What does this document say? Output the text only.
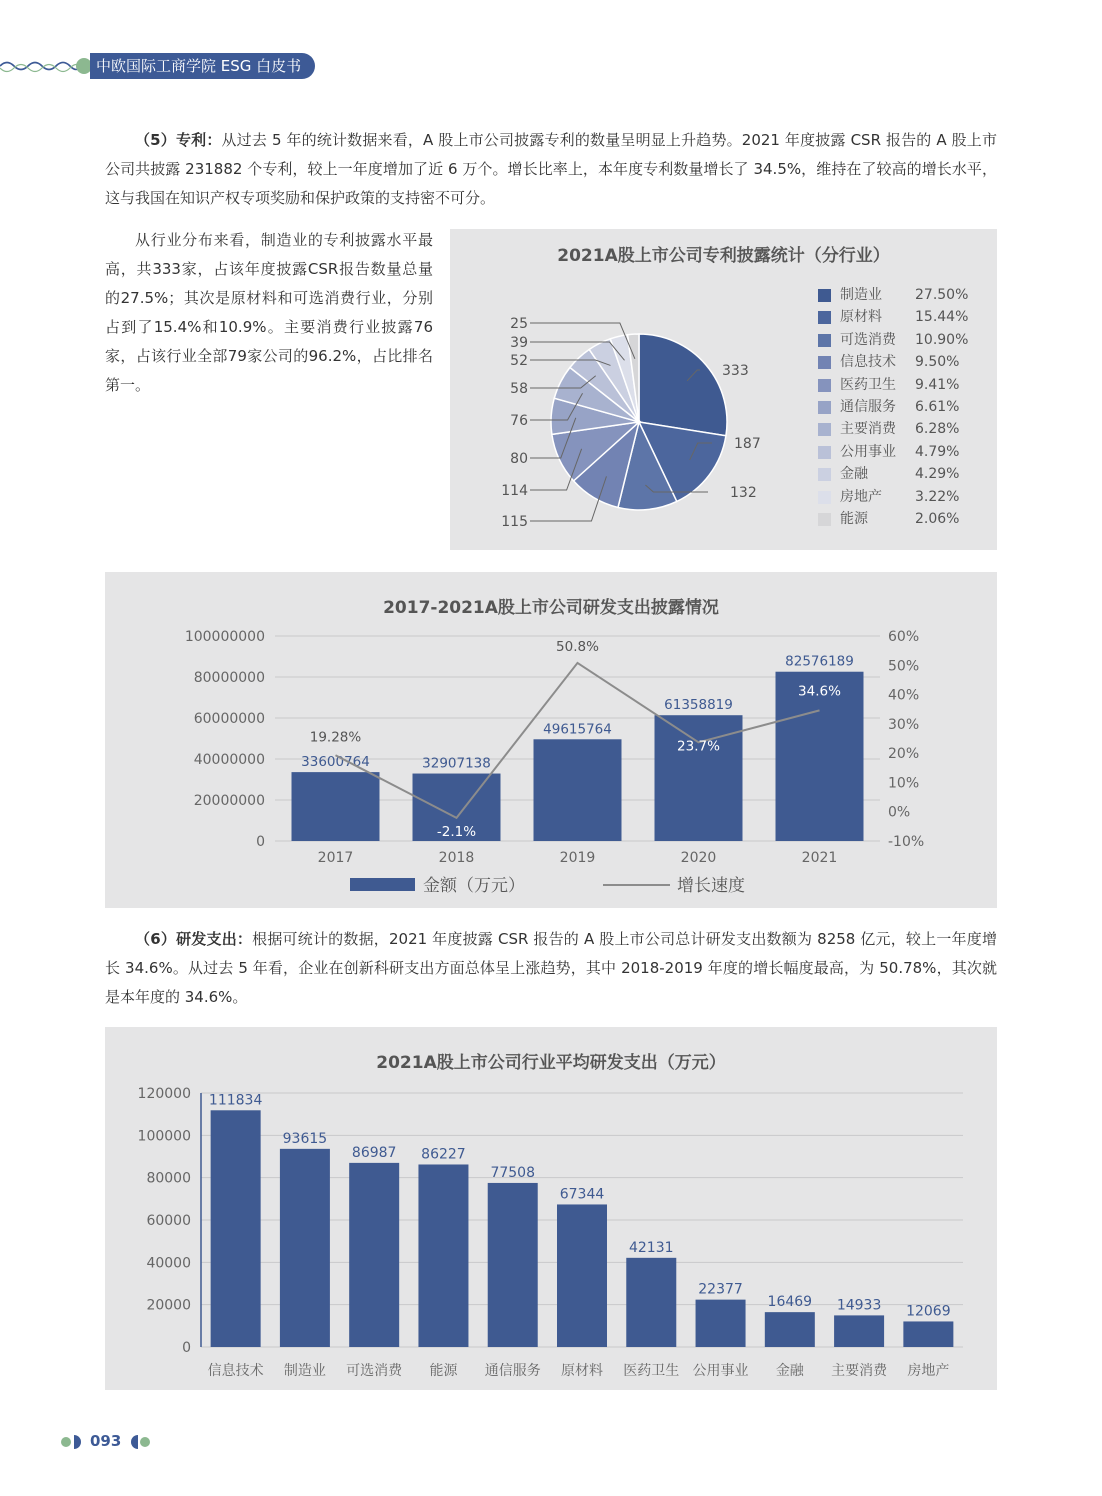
中欧国际工商学院 ESG 白皮书

（5）专利：从过去 5 年的统计数据来看，A 股上市公司披露专利的数量呈明显上升趋势。2021 年度披露 CSR 报告的 A 股上市公司共披露 231882 个专利，较上一年度增加了近 6 万个。增长比率上，本年度专利数量增长了 34.5%，维持在了较高的增长水平，这与我国在知识产权专项奖励和保护政策的支持密不可分。

从行业分布来看，制造业的专利披露水平最高，共333家，占该年度披露CSR报告数量总量的27.5%；其次是原材料和可选消费行业，分别占到了15.4%和10.9%。主要消费行业披露76家，占该行业全部79家公司的96.2%，占比排名第一。

2021A股上市公司专利披露统计（分行业）
333
187
132
115
114
80
76
58
52
39
25
制造业 27.50%
原材料 15.44%
可选消费 10.90%
信息技术 9.50%
医药卫生 9.41%
通信服务 6.61%
主要消费 6.28%
公用事业 4.79%
金融	4.29%
房地产 3.22%
能源	2.06%
2017-2021A股上市公司研发支出披露情况
100000000
80000000
60000000
40000000
20000000
0
60%
50%
40%
30%
20%
10%
0%
-10%
33600764
2017
32907138
2018
49615764
2019
61358819
2020
82576189
2021
19.28%
-2.1%
50.8%
23.7%
34.6%
金额（万元）	增长速度

（6）研发支出：根据可统计的数据，2021 年度披露 CSR 报告的 A 股上市公司总计研发支出数额为 8258 亿元，较上一年度增长 34.6%。从过去 5 年看，企业在创新科研支出方面总体呈上涨趋势，其中 2018-2019 年度的增长幅度最高，为 50.78%，其次就是本年度的 34.6%。

2021A股上市公司行业平均研发支出（万元）
120000
100000
80000
60000
40000
20000
0
111834
信息技术
93615
制造业
86987
可选消费
86227
能源
77508
通信服务
67344
原材料
42131
医药卫生
22377
公用事业
16469
金融
14933
主要消费
12069
房地产
093
